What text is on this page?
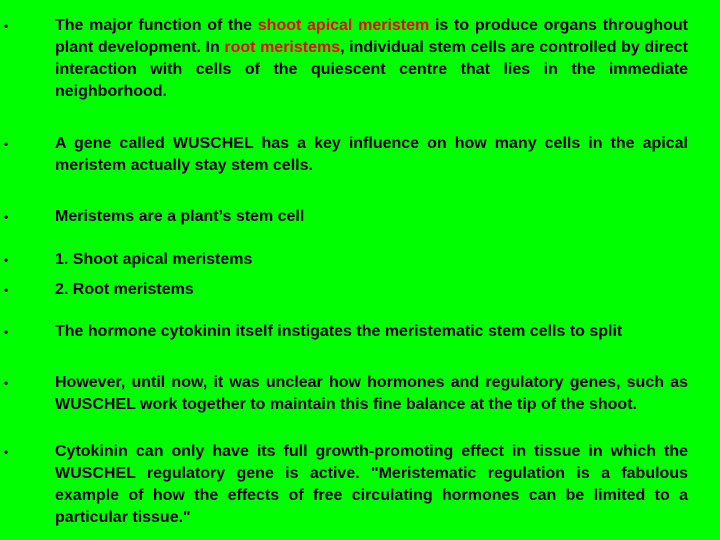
•	The major function of the shoot apical meristem is to produce organs throughout plant development. In root meristems, individual stem cells are controlled by direct interaction with cells of the quiescent centre that lies in the immediate neighborhood.
•	A gene called WUSCHEL has a key influence on how many cells in the apical meristem actually stay stem cells.
•	Meristems are a plant’s stem cell
•	1. Shoot apical meristems
•	2. Root meristems
•	The hormone cytokinin itself instigates the meristematic stem cells to split
•	However, until now, it was unclear how hormones and regulatory genes, such as WUSCHEL work together to maintain this fine balance at the tip of the shoot.
•	Cytokinin can only have its full growth-promoting effect in tissue in which the WUSCHEL regulatory gene is active. "Meristematic regulation is a fabulous example of how the effects of free circulating hormones can be limited to a particular tissue."
